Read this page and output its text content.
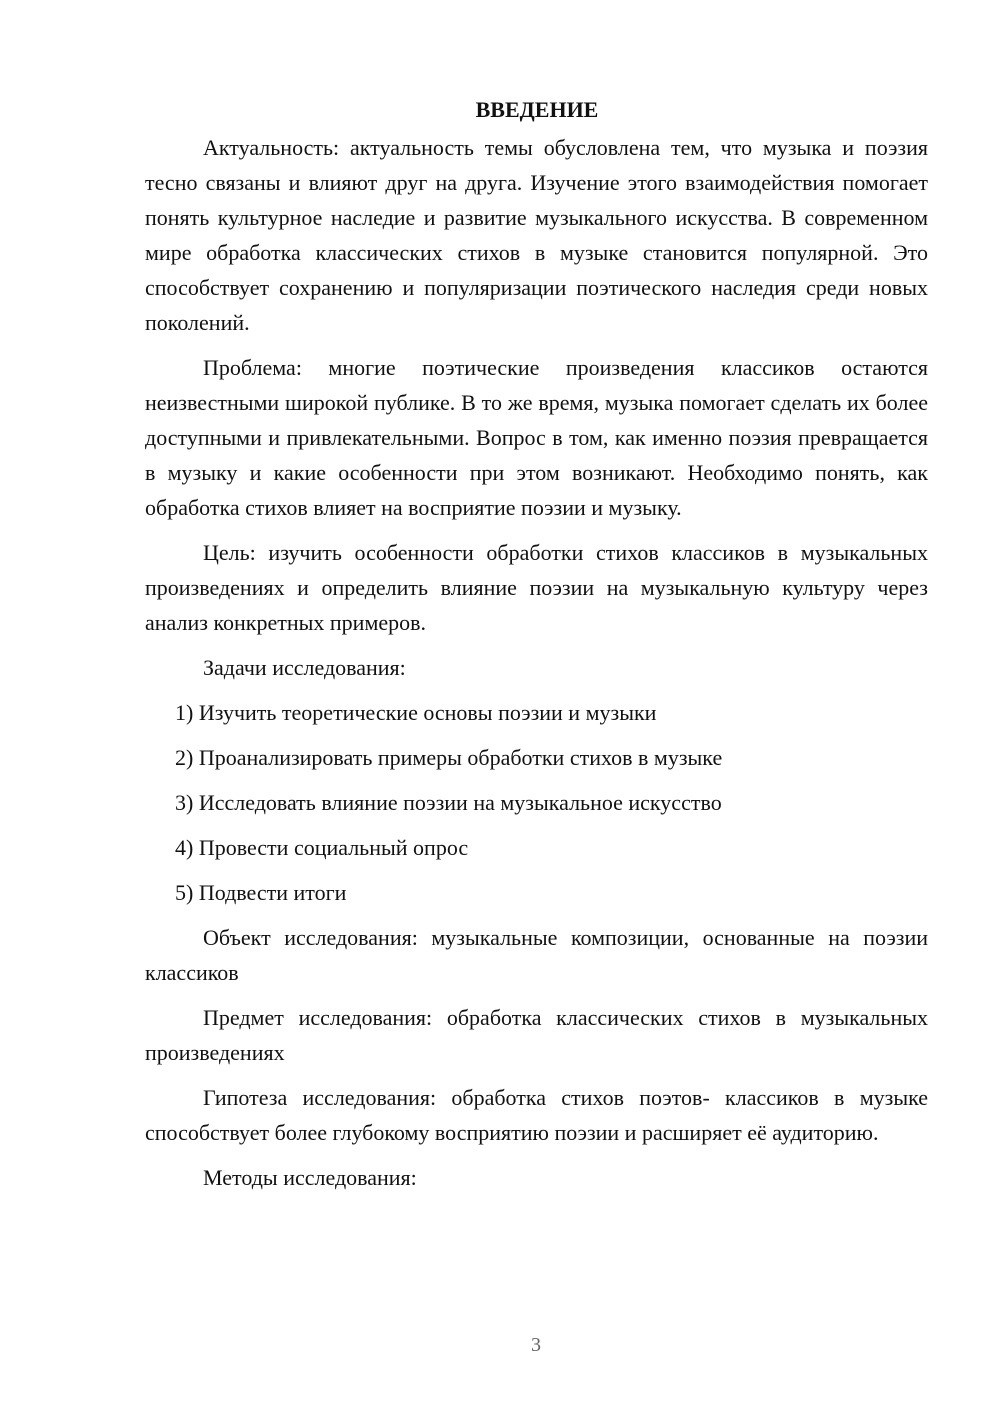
ВВЕДЕНИЕ

Актуальность: актуальность темы обусловлена тем, что музыка и поэзия тесно связаны и влияют друг на друга. Изучение этого взаимодействия помогает понять культурное наследие и развитие музыкального искусства. В современном мире обработка классических стихов в музыке становится популярной. Это способствует сохранению и популяризации поэтического наследия среди новых поколений.

Проблема: многие поэтические произведения классиков остаются неизвестными широкой публике. В то же время, музыка помогает сделать их более доступными и привлекательными. Вопрос в том, как именно поэзия превращается в музыку и какие особенности при этом возникают. Необходимо понять, как обработка стихов влияет на восприятие поэзии и музыку.

Цель: изучить особенности обработки стихов классиков в музыкальных произведениях и определить влияние поэзии на музыкальную культуру через анализ конкретных примеров.

Задачи исследования:

1) Изучить теоретические основы поэзии и музыки
2) Проанализировать примеры обработки стихов в музыке
3) Исследовать влияние поэзии на музыкальное искусство
4) Провести социальный опрос
5) Подвести итоги

Объект исследования: музыкальные композиции, основанные на поэзии классиков

Предмет исследования: обработка классических стихов в музыкальных произведениях

Гипотеза исследования: обработка стихов поэтов- классиков в музыке способствует более глубокому восприятию поэзии и расширяет её аудиторию.

Методы исследования:

3
